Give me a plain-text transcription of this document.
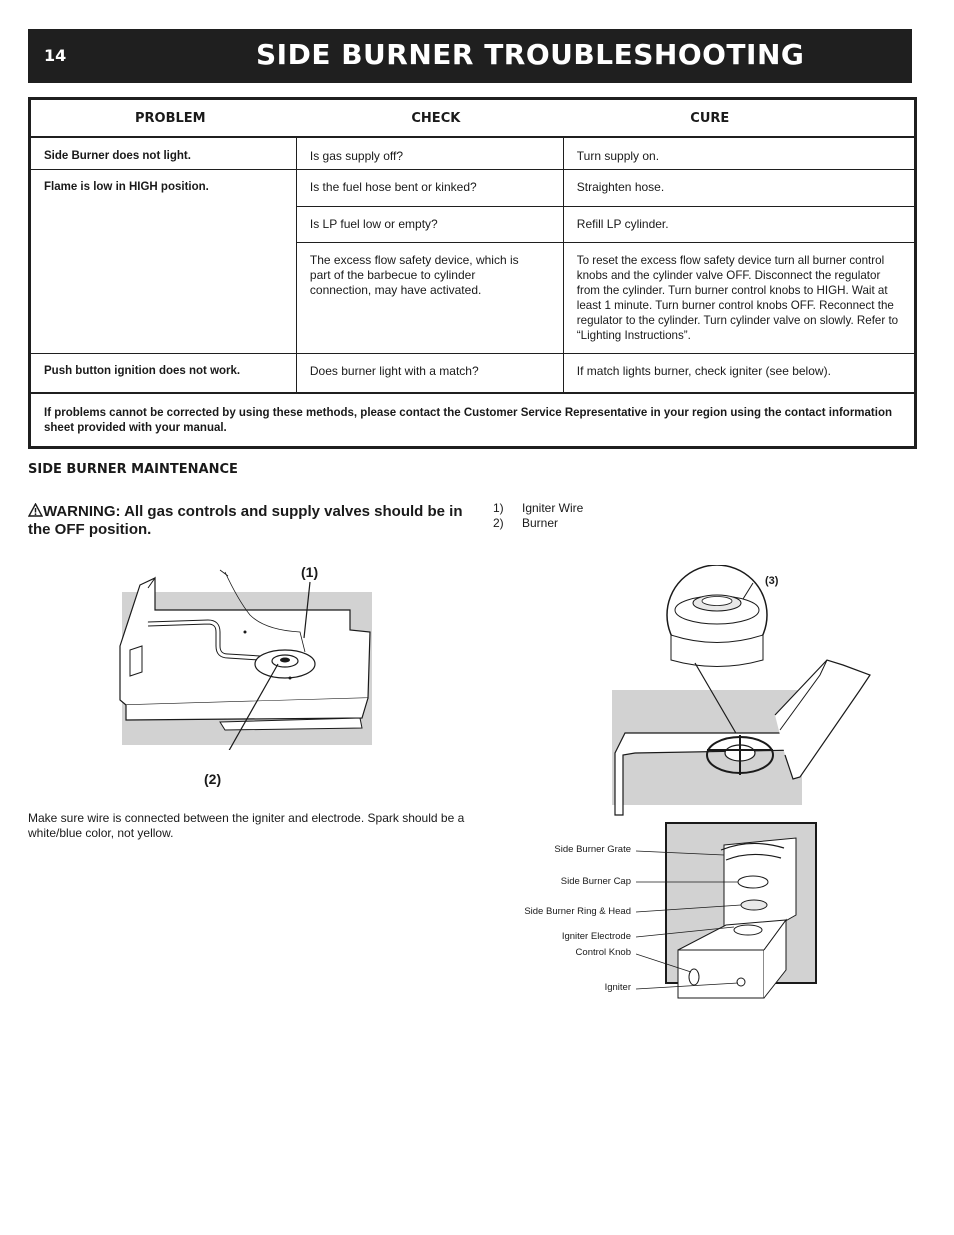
14	SIDE BURNER TROUBLESHOOTING
PROBLEM	CHECK	CURE
Side Burner does not light.	Is gas supply off?	Turn supply on.
Flame is low in HIGH position.	Is the fuel hose bent or kinked?	Straighten hose.
	Is LP fuel low or empty?	Refill LP cylinder.
	The excess flow safety device, which is part of the barbecue to cylinder connection, may have activated.	To reset the excess flow safety device turn all burner control knobs and the cylinder valve OFF. Disconnect the regulator from the cylinder. Turn burner control knobs to HIGH. Wait at least 1 minute. Turn burner control knobs OFF. Reconnect the regulator to the cylinder. Turn cylinder valve on slowly. Refer to “Lighting Instructions”.
Push button ignition does not work.	Does burner light with a match?	If match lights burner, check igniter (see below).
If problems cannot be corrected by using these methods, please contact the Customer Service Representative in your region using the contact information sheet provided with your manual.		
SIDE BURNER MAINTENANCE
WARNING: All gas controls and supply valves should be in the OFF position.
1)	Igniter Wire
2)	Burner
(1)
(2)
(3)
Make sure wire is connected between the igniter and electrode. Spark should be a white/blue color, not yellow.
Side Burner Grate
Side Burner Cap
Side Burner Ring & Head
Igniter Electrode
Control Knob
Igniter
